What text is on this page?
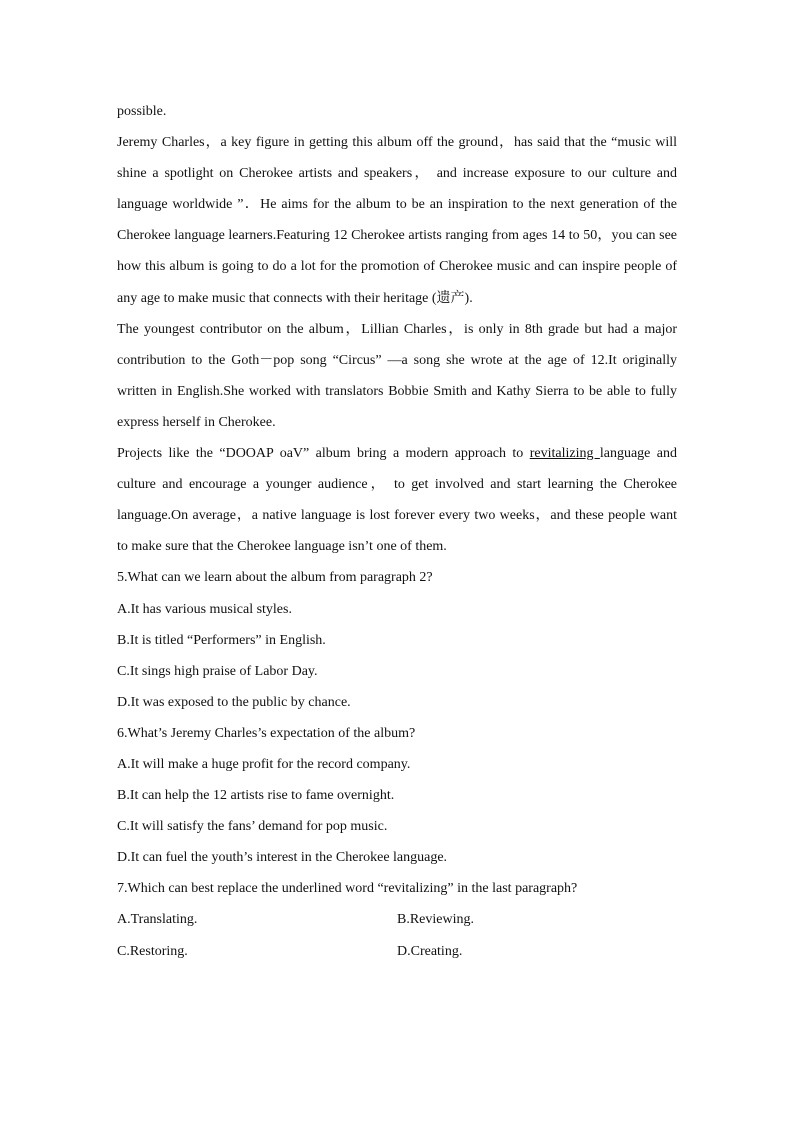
possible.

Jeremy Charles，a key figure in getting this album off the ground，has said that the “music will shine a spotlight on Cherokee artists and speakers， and increase exposure to our culture and language worldwide ”．He aims for the album to be an inspiration to the next generation of the Cherokee language learners.Featuring 12 Cherokee artists ranging from ages 14 to 50，you can see how this album is going to do a lot for the promotion of Cherokee music and can inspire people of any age to make music that connects with their heritage (遗产).

The youngest contributor on the album，Lillian Charles，is only in 8th grade but had a major contribution to the Goth－pop song “Circus” —a song she wrote at the age of 12.It originally written in English.She worked with translators Bobbie Smith and Kathy Sierra to be able to fully express herself in Cherokee.

Projects like the “DOOAP oaV” album bring a modern approach to revitalizing language and culture and encourage a younger audience， to get involved and start learning the Cherokee language.On average，a native language is lost forever every two weeks，and these people want to make sure that the Cherokee language isn’t one of them.

5.What can we learn about the album from paragraph 2?

A.It has various musical styles.

B.It is titled “Performers” in English.

C.It sings high praise of Labor Day.

D.It was exposed to the public by chance.

6.What’s Jeremy Charles’s expectation of the album?

A.It will make a huge profit for the record company.

B.It can help the 12 artists rise to fame overnight.

C.It will satisfy the fans’ demand for pop music.

D.It can fuel the youth’s interest in the Cherokee language.

7.Which can best replace the underlined word “revitalizing” in the last paragraph?

A.Translating.	B.Reviewing.
C.Restoring.	D.Creating.
